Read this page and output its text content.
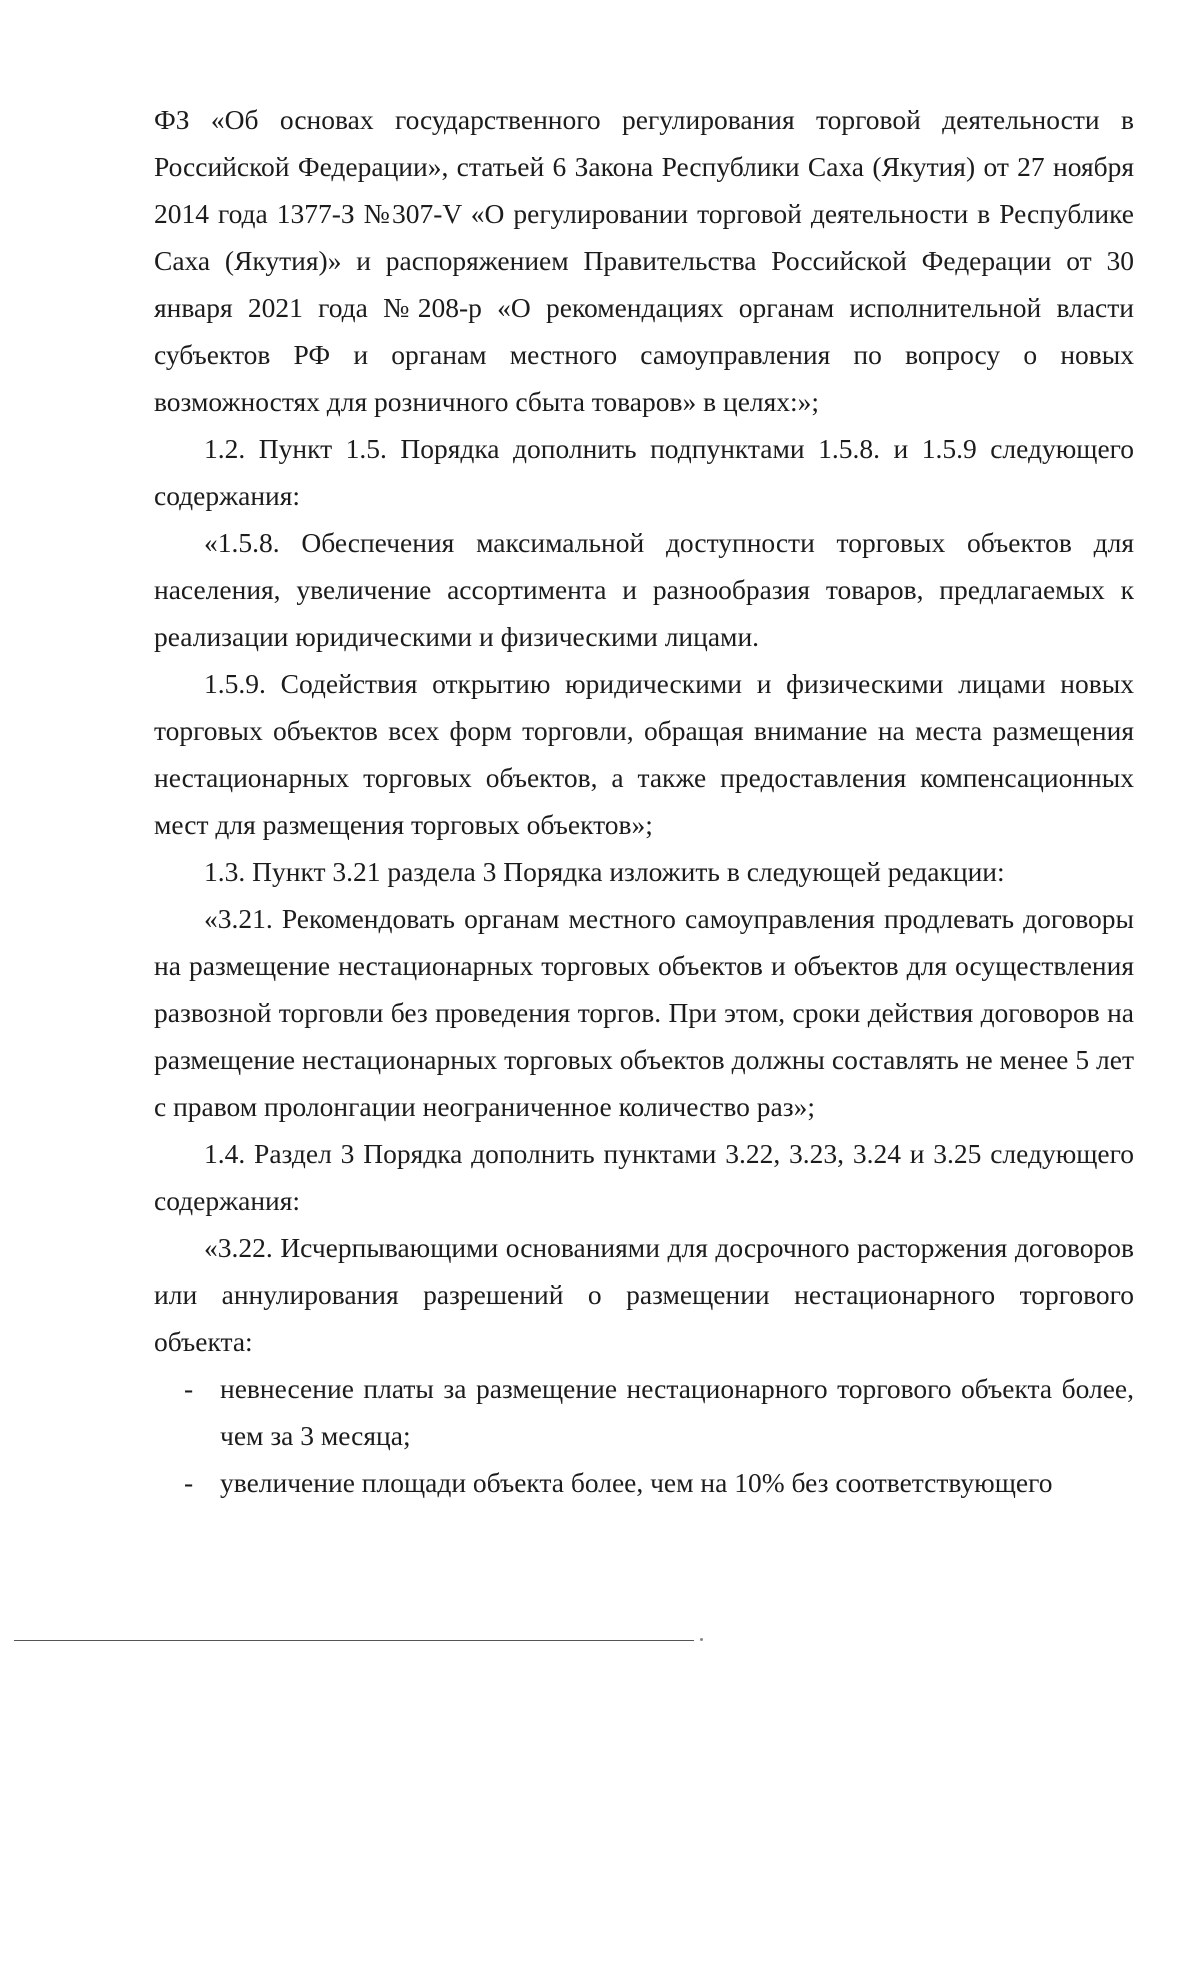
ФЗ «Об основах государственного регулирования торговой деятельности в Российской Федерации», статьей 6 Закона Республики Саха (Якутия) от 27 ноября 2014 года 1377-З №307-V «О регулировании торговой деятельности в Республике Саха (Якутия)» и распоряжением Правительства Российской Федерации от 30 января 2021 года №208-р «О рекомендациях органам исполнительной власти субъектов РФ и органам местного самоуправления по вопросу о новых возможностях для розничного сбыта товаров» в целях:»;

1.2. Пункт 1.5. Порядка дополнить подпунктами 1.5.8. и 1.5.9 следующего содержания:

«1.5.8. Обеспечения максимальной доступности торговых объектов для населения, увеличение ассортимента и разнообразия товаров, предлагаемых к реализации юридическими и физическими лицами.

1.5.9. Содействия открытию юридическими и физическими лицами новых торговых объектов всех форм торговли, обращая внимание на места размещения нестационарных торговых объектов, а также предоставления компенсационных мест для размещения торговых объектов»;

1.3. Пункт 3.21 раздела 3 Порядка изложить в следующей редакции:

«3.21. Рекомендовать органам местного самоуправления продлевать договоры на размещение нестационарных торговых объектов и объектов для осуществления развозной торговли без проведения торгов. При этом, сроки действия договоров на размещение нестационарных торговых объектов должны составлять не менее 5 лет с правом пролонгации неограниченное количество раз»;

1.4. Раздел 3 Порядка дополнить пунктами 3.22, 3.23, 3.24 и 3.25 следующего содержания:

«3.22. Исчерпывающими основаниями для досрочного расторжения договоров или аннулирования разрешений о размещении нестационарного торгового объекта:

- невнесение платы за размещение нестационарного торгового объекта более, чем за 3 месяца;
- увеличение площади объекта более, чем на 10% без соответствующего
